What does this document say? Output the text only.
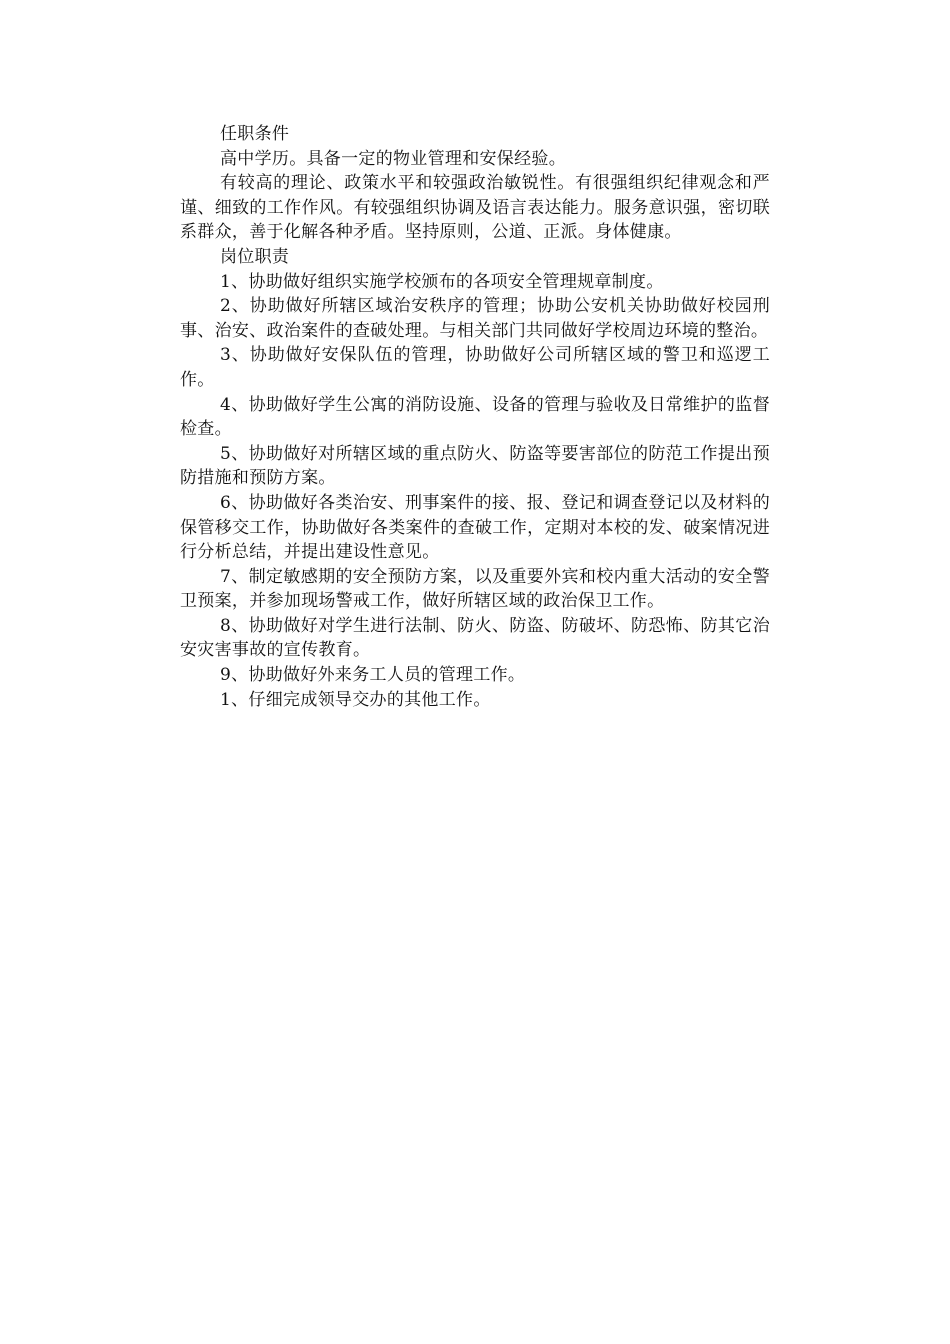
任职条件

高中学历。具备一定的物业管理和安保经验。

有较高的理论、政策水平和较强政治敏锐性。有很强组织纪律观念和严谨、细致的工作作风。有较强组织协调及语言表达能力。服务意识强，密切联系群众，善于化解各种矛盾。坚持原则，公道、正派。身体健康。

岗位职责

1、协助做好组织实施学校颁布的各项安全管理规章制度。

2、协助做好所辖区域治安秩序的管理；协助公安机关协助做好校园刑事、治安、政治案件的查破处理。与相关部门共同做好学校周边环境的整治。

3、协助做好安保队伍的管理，协助做好公司所辖区域的警卫和巡逻工作。

4、协助做好学生公寓的消防设施、设备的管理与验收及日常维护的监督检查。

5、协助做好对所辖区域的重点防火、防盗等要害部位的防范工作提出预防措施和预防方案。

6、协助做好各类治安、刑事案件的接、报、登记和调查登记以及材料的保管移交工作，协助做好各类案件的查破工作，定期对本校的发、破案情况进行分析总结，并提出建设性意见。

7、制定敏感期的安全预防方案，以及重要外宾和校内重大活动的安全警卫预案，并参加现场警戒工作，做好所辖区域的政治保卫工作。

8、协助做好对学生进行法制、防火、防盗、防破坏、防恐怖、防其它治安灾害事故的宣传教育。

9、协助做好外来务工人员的管理工作。

1、仔细完成领导交办的其他工作。
